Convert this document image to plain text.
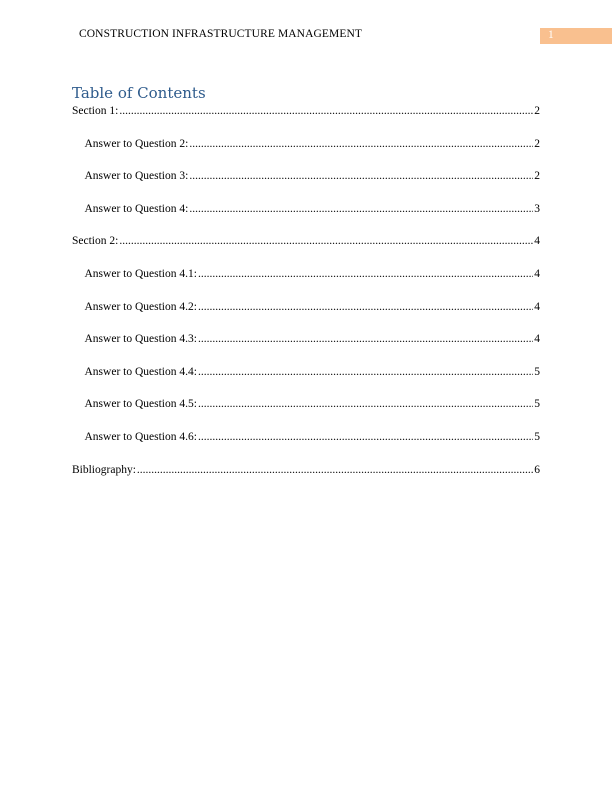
CONSTRUCTION INFRASTRUCTURE MANAGEMENT	1
Table of Contents
Section 1: .....	2
Answer to Question 2: .....	2
Answer to Question 3: .....	2
Answer to Question 4: .....	3
Section 2: .....	4
Answer to Question 4.1: .....	4
Answer to Question 4.2: .....	4
Answer to Question 4.3: .....	4
Answer to Question 4.4: .....	5
Answer to Question 4.5: .....	5
Answer to Question 4.6: .....	5
Bibliography: .....	6
